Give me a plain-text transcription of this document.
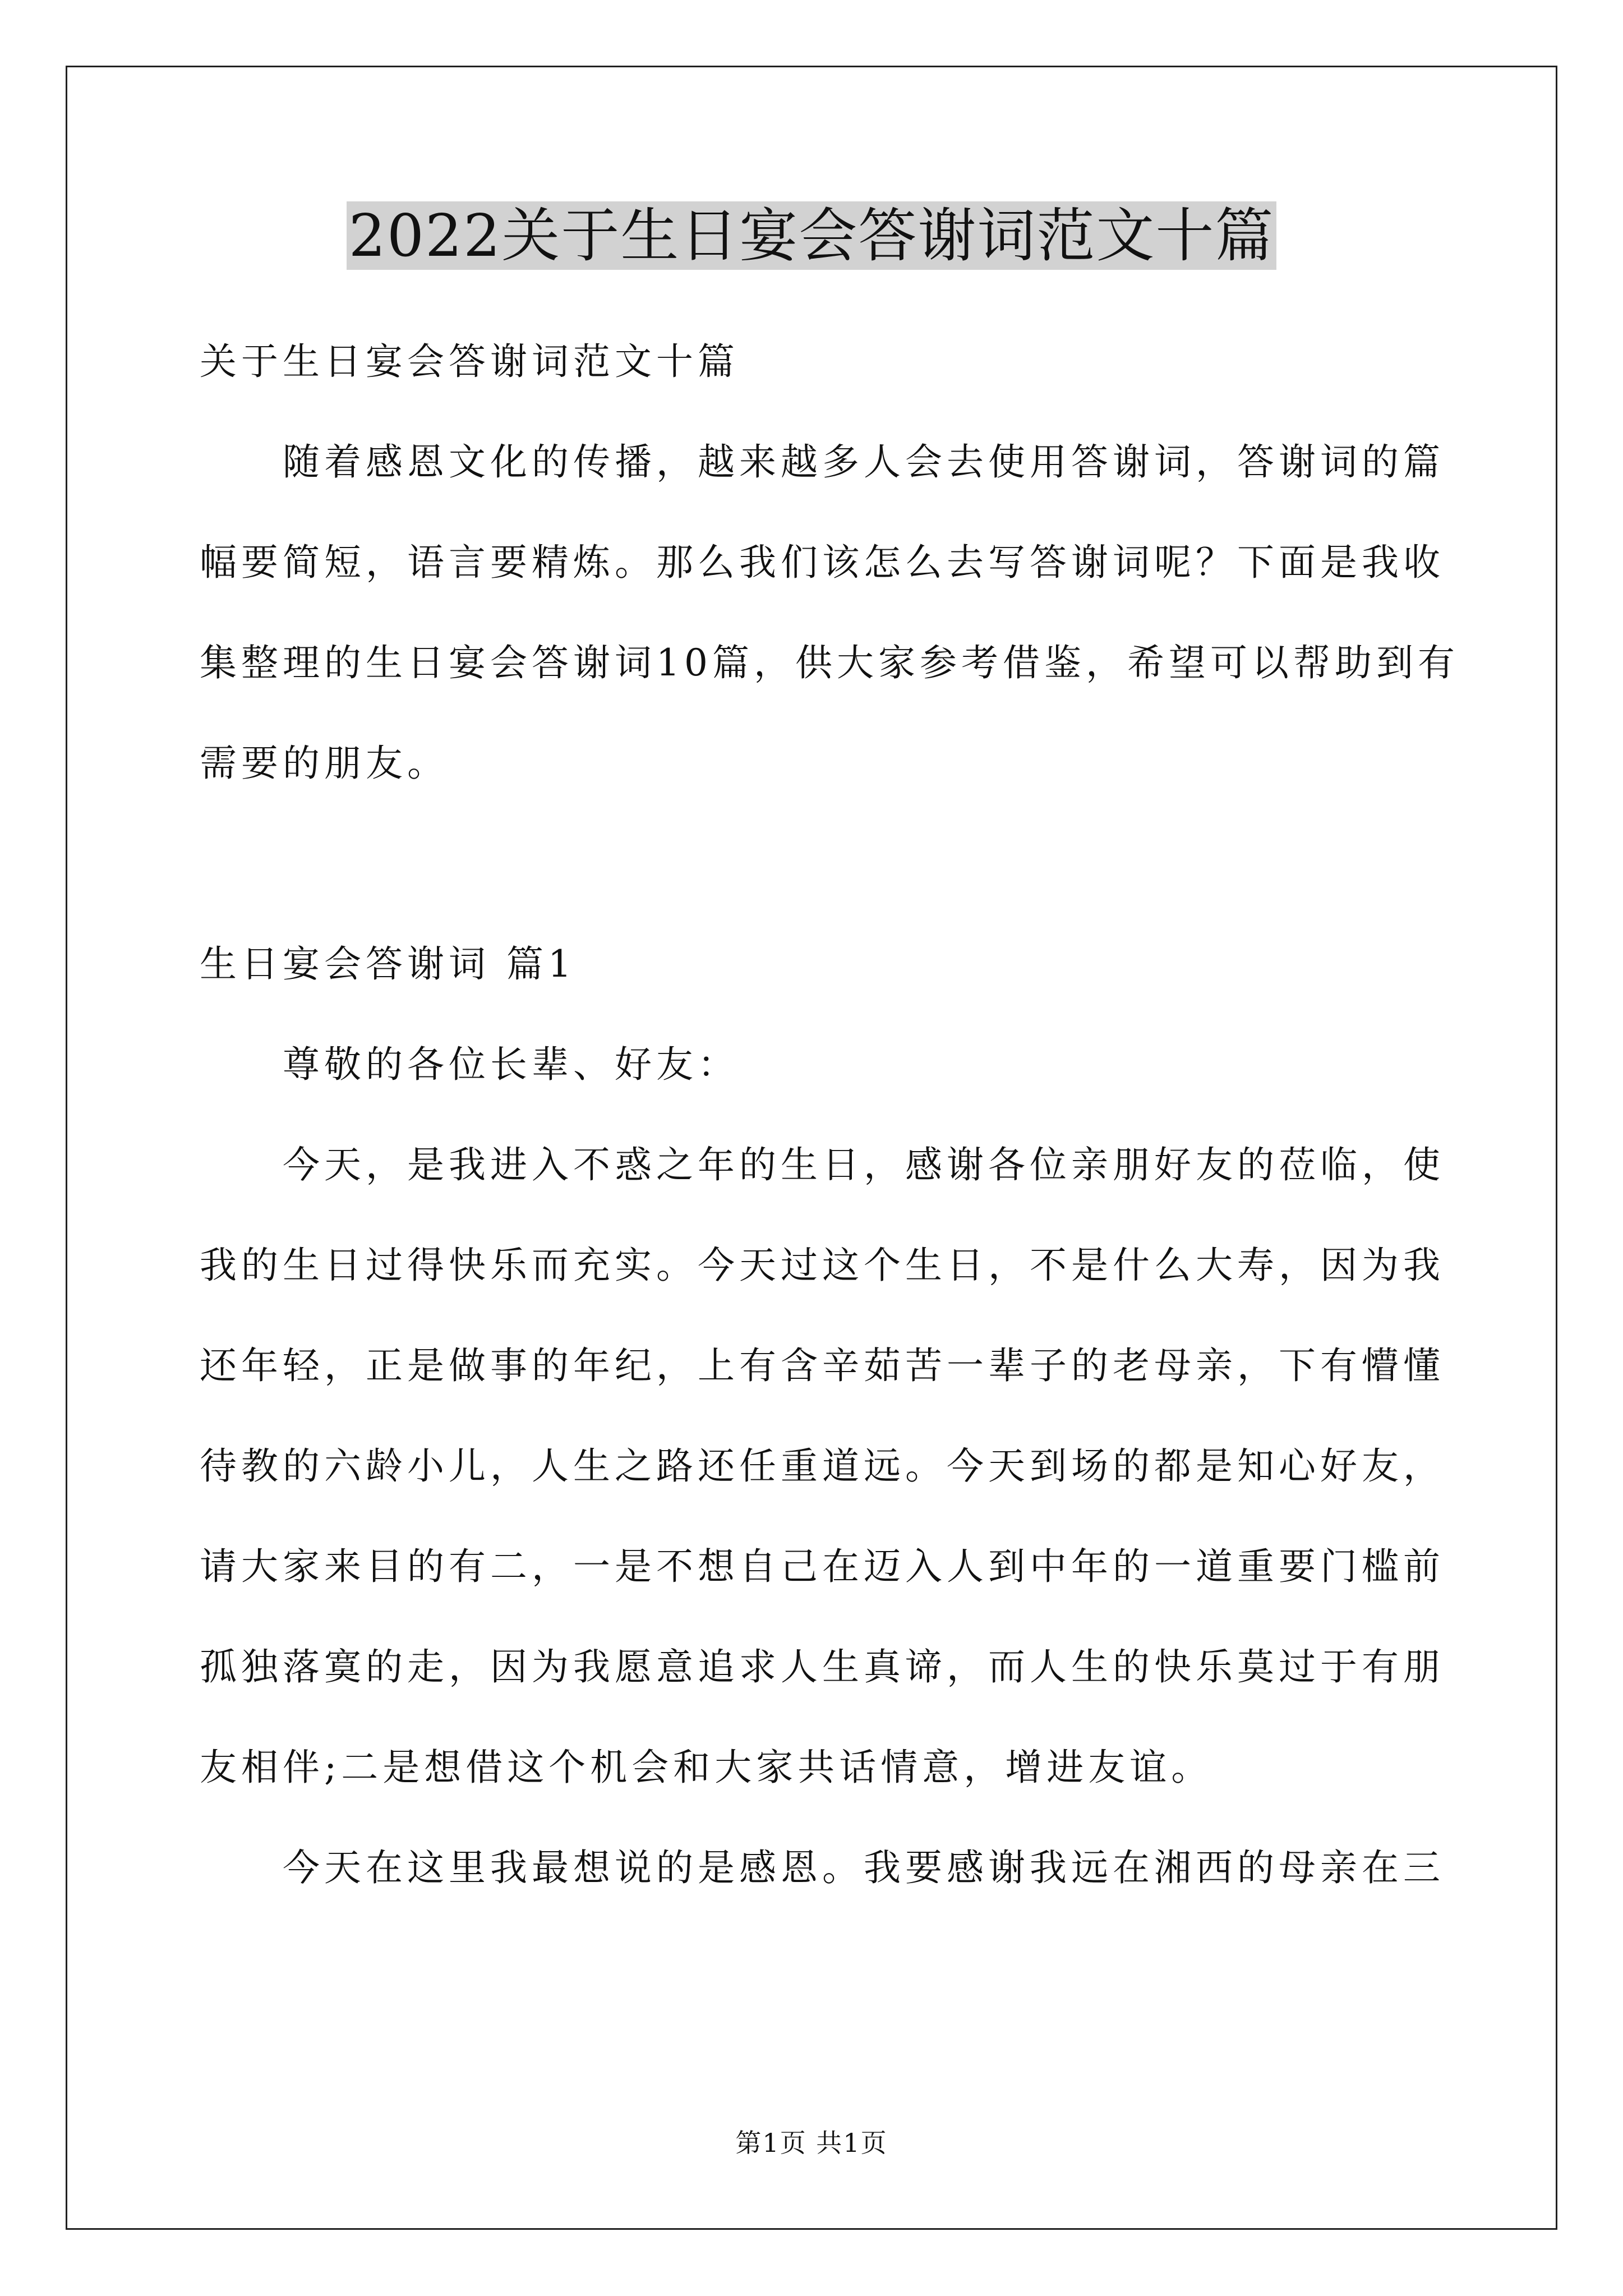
2022关于生日宴会答谢词范文十篇
关于生日宴会答谢词范文十篇
随着感恩文化的传播，越来越多人会去使用答谢词，答谢词的篇
幅要简短，语言要精炼。那么我们该怎么去写答谢词呢？下面是我收
集整理的生日宴会答谢词10篇，供大家参考借鉴，希望可以帮助到有
需要的朋友。
生日宴会答谢词 篇1
尊敬的各位长辈、好友：
今天，是我进入不惑之年的生日，感谢各位亲朋好友的莅临，使
我的生日过得快乐而充实。今天过这个生日，不是什么大寿，因为我
还年轻，正是做事的年纪，上有含辛茹苦一辈子的老母亲，下有懵懂
待教的六龄小儿，人生之路还任重道远。今天到场的都是知心好友，
请大家来目的有二，一是不想自己在迈入人到中年的一道重要门槛前
孤独落寞的走，因为我愿意追求人生真谛，而人生的快乐莫过于有朋
友相伴;二是想借这个机会和大家共话情意，增进友谊。
今天在这里我最想说的是感恩。我要感谢我远在湘西的母亲在三
第1页 共1页
